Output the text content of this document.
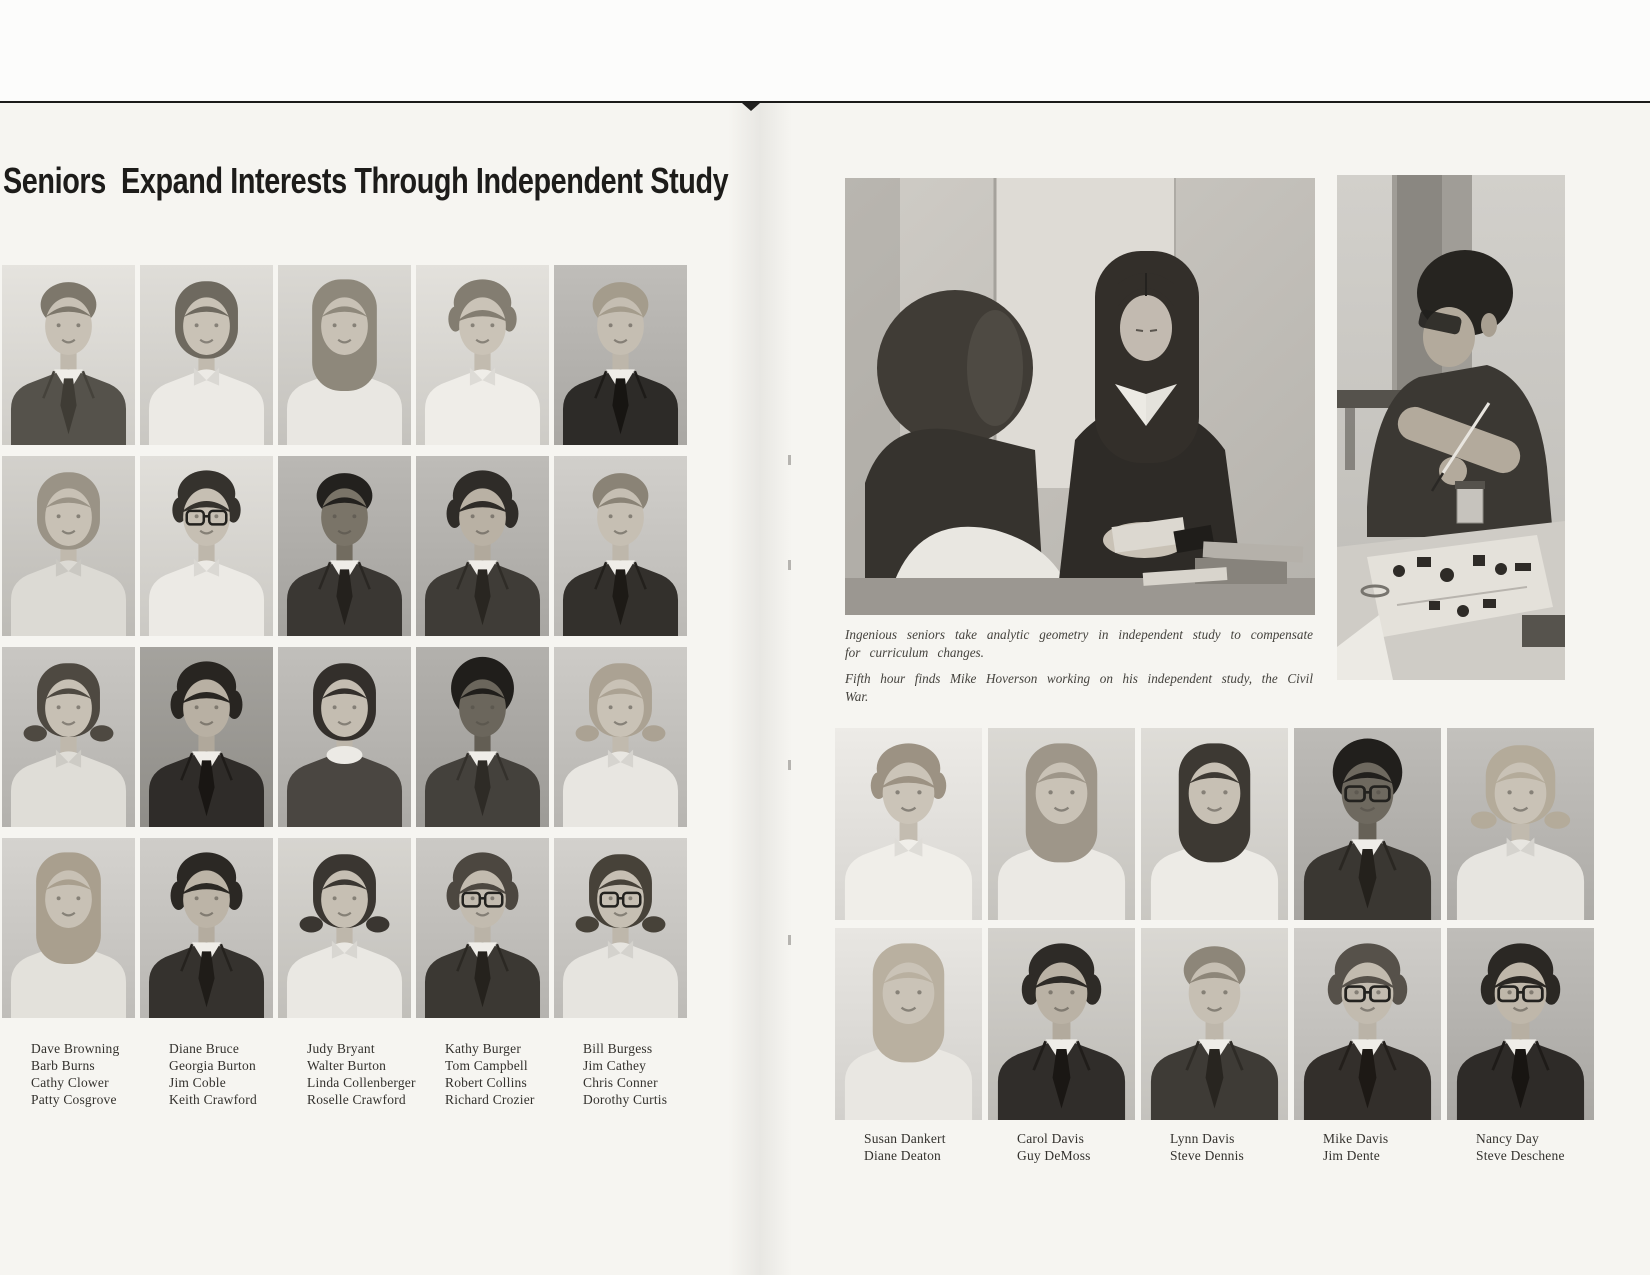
Seniors  Expand Interests Through Independent Study
Dave Browning
Barb Burns
Cathy Clower
Patty Cosgrove
Diane Bruce
Georgia Burton
Jim Coble
Keith Crawford
Judy Bryant
Walter Burton
Linda Collenberger
Roselle Crawford
Kathy Burger
Tom Campbell
Robert Collins
Richard Crozier
Bill Burgess
Jim Cathey
Chris Conner
Dorothy Curtis

Ingenious seniors take analytic geometry in independent study to compensate for curriculum changes.

Fifth hour finds Mike Hoverson working on his independent study, the Civil War.

Susan Dankert
Diane Deaton
Carol Davis
Guy DeMoss
Lynn Davis
Steve Dennis
Mike Davis
Jim Dente
Nancy Day
Steve Deschene
